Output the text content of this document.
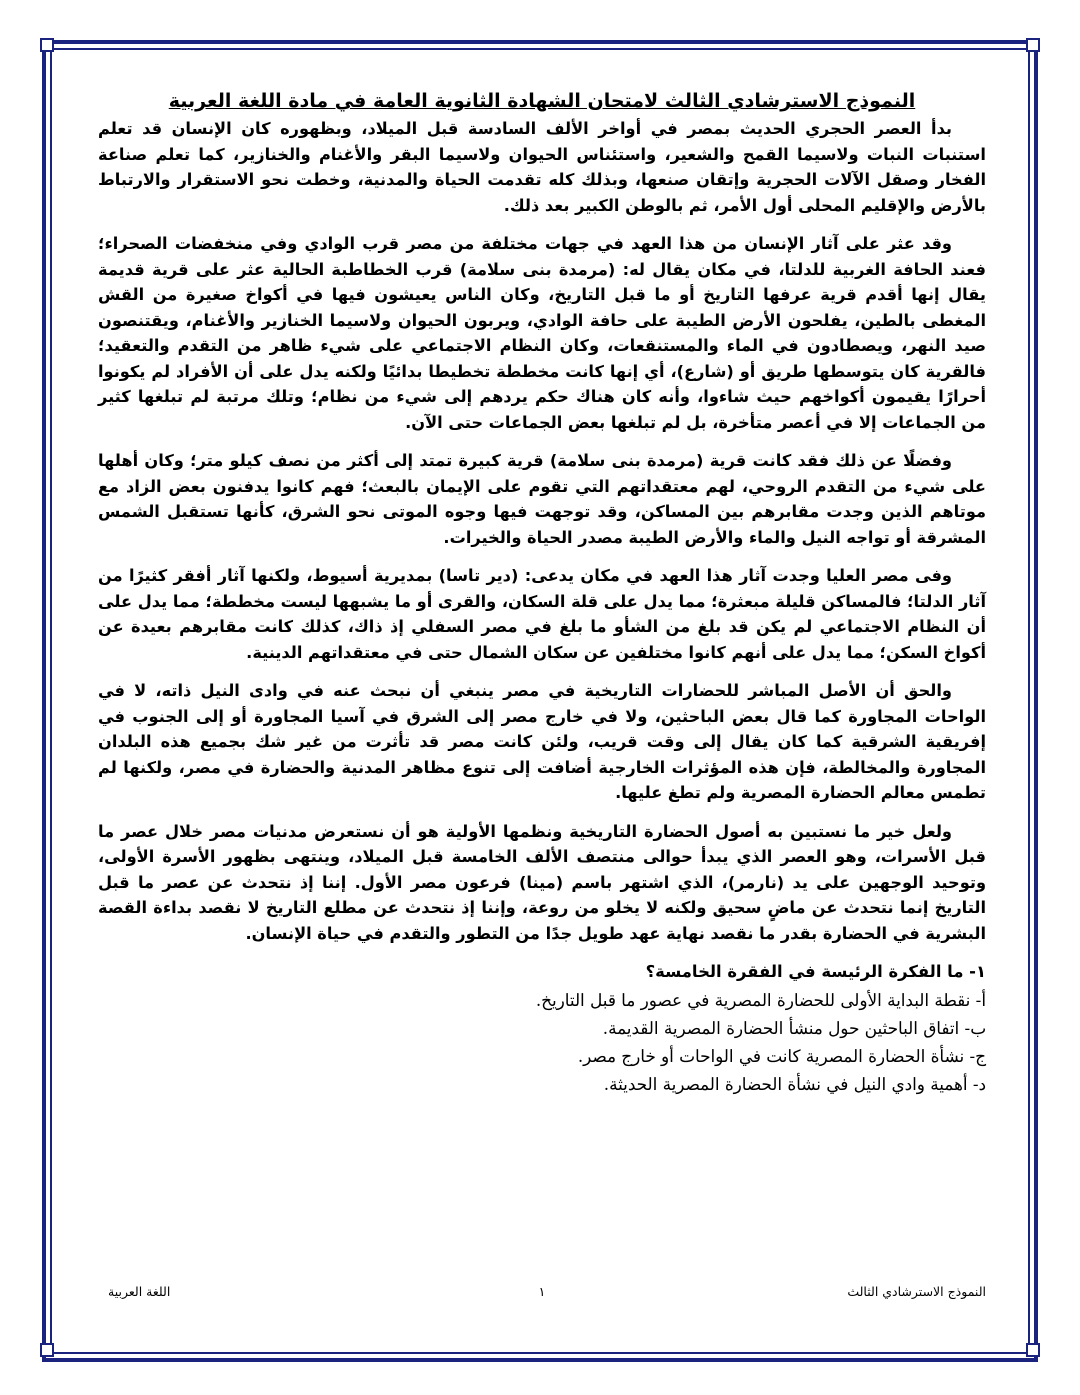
النموذج الاسترشادي الثالث لامتحان الشهادة الثانوية العامة في مادة اللغة العربية

بدأ العصر الحجري الحديث بمصر في أواخر الألف السادسة قبل الميلاد، وبظهوره كان الإنسان قد تعلم استنبات النبات ولاسيما القمح والشعير، واستئناس الحيوان ولاسيما البقر والأغنام والخنازير، كما تعلم صناعة الفخار وصقل الآلات الحجرية وإتقان صنعها، وبذلك كله تقدمت الحياة والمدنية، وخطت نحو الاستقرار والارتباط بالأرض والإقليم المحلى أول الأمر، ثم بالوطن الكبير بعد ذلك.

وقد عثر على آثار الإنسان من هذا العهد في جهات مختلفة من مصر قرب الوادي وفي منخفضات الصحراء؛ فعند الحافة الغربية للدلتا، في مكان يقال له: (مرمدة بنى سلامة) قرب الخطاطبة الحالية عثر على قرية قديمة يقال إنها أقدم قرية عرفها التاريخ أو ما قبل التاريخ، وكان الناس يعيشون فيها في أكواخ صغيرة من القش المغطى بالطين، يفلحون الأرض الطيبة على حافة الوادي، ويربون الحيوان ولاسيما الخنازير والأغنام، ويقتنصون صيد النهر، ويصطادون في الماء والمستنقعات، وكان النظام الاجتماعي على شيء ظاهر من التقدم والتعقيد؛ فالقرية كان يتوسطها طريق أو (شارع)، أي إنها كانت مخططة تخطيطا بدائيًا ولكنه يدل على أن الأفراد لم يكونوا أحرارًا يقيمون أكواخهم حيث شاءوا، وأنه كان هناك حكم يردهم إلى شيء من نظام؛ وتلك مرتبة لم تبلغها كثير من الجماعات إلا في أعصر متأخرة، بل لم تبلغها بعض الجماعات حتى الآن.

وفضلًا عن ذلك فقد كانت قرية (مرمدة بنى سلامة) قرية كبيرة تمتد إلى أكثر من نصف كيلو متر؛ وكان أهلها على شيء من التقدم الروحي، لهم معتقداتهم التي تقوم على الإيمان بالبعث؛ فهم كانوا يدفنون بعض الزاد مع موتاهم الذين وجدت مقابرهم بين المساكن، وقد توجهت فيها وجوه الموتى نحو الشرق، كأنها تستقبل الشمس المشرقة أو تواجه النيل والماء والأرض الطيبة مصدر الحياة والخيرات.

وفى مصر العليا وجدت آثار هذا العهد في مكان يدعى: (دير تاسا) بمديرية أسيوط، ولكنها آثار أفقر كثيرًا من آثار الدلتا؛ فالمساكن قليلة مبعثرة؛ مما يدل على قلة السكان، والقرى أو ما يشبهها ليست مخططة؛ مما يدل على أن النظام الاجتماعي لم يكن قد بلغ من الشأو ما بلغ في مصر السفلي إذ ذاك، كذلك كانت مقابرهم بعيدة عن أكواخ السكن؛ مما يدل على أنهم كانوا مختلفين عن سكان الشمال حتى في معتقداتهم الدينية.

والحق أن الأصل المباشر للحضارات التاريخية في مصر ينبغي أن نبحث عنه في وادى النيل ذاته، لا في الواحات المجاورة كما قال بعض الباحثين، ولا في خارج مصر إلى الشرق في آسيا المجاورة أو إلى الجنوب في إفريقية الشرقية كما كان يقال إلى وقت قريب، ولئن كانت مصر قد تأثرت من غير شك بجميع هذه البلدان المجاورة والمخالطة، فإن هذه المؤثرات الخارجية أضافت إلى تنوع مظاهر المدنية والحضارة في مصر، ولكنها لم تطمس معالم الحضارة المصرية ولم تطغ عليها.

ولعل خير ما نستبين به أصول الحضارة التاريخية ونظمها الأولية هو أن نستعرض مدنيات مصر خلال عصر ما قبل الأسرات، وهو العصر الذي يبدأ حوالى منتصف الألف الخامسة قبل الميلاد، وينتهى بظهور الأسرة الأولى، وتوحيد الوجهين على يد (نارمر)، الذي اشتهر باسم (مينا) فرعون مصر الأول. إننا إذ نتحدث عن عصر ما قبل التاريخ إنما نتحدث عن ماضٍ سحيق ولكنه لا يخلو من روعة، وإننا إذ نتحدث عن مطلع التاريخ لا نقصد بداءة القصة البشرية في الحضارة بقدر ما نقصد نهاية عهد طويل جدًا من التطور والتقدم في حياة الإنسان.

١- ما الفكرة الرئيسة في الفقرة الخامسة؟

أ- نقطة البداية الأولى للحضارة المصرية في عصور ما قبل التاريخ.

ب- اتفاق الباحثين حول منشأ الحضارة المصرية القديمة.

ج- نشأة الحضارة المصرية كانت في الواحات أو خارج مصر.

د- أهمية وادي النيل في نشأة الحضارة المصرية الحديثة.

النموذج الاسترشادي الثالث
١
اللغة العربية
